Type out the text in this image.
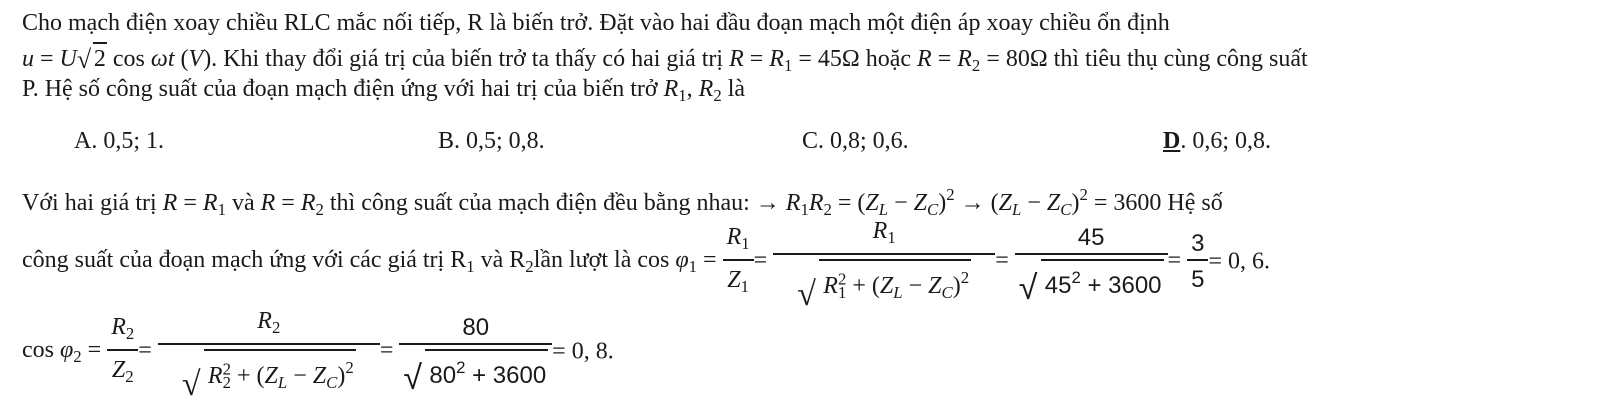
Cho mạch điện xoay chiều RLC mắc nối tiếp, R là biến trở. Đặt vào hai đầu đoạn mạch một điện áp xoay chiều ổn định
u = U √ 2 cos ωt (V). Khi thay đổi giá trị của biến trở ta thấy có hai giá trị $R = R_1 = 45\Omega$ hoặc $R = R_2 = 80\Omega$ thì tiêu thụ cùng công suất
P. Hệ số công suất của đoạn mạch điện ứng với hai trị của biến trở $R_1$, $R_2$ là
A. 0,5; 1.	B. 0,5; 0,8.	C. 0,8; 0,6.	D. 0,6; 0,8.
Với hai giá trị $R = R_1$ và $R = R_2$ thì công suất của mạch điện đều bằng nhau: → $R_1R_2 = (Z_L - Z_C)^2 \to (Z_L - Z_C)^2 = 3600$ Hệ số
công suất của đoạn mạch ứng với các giá trị $R_1$ và $R_2lần$ lượt là $\cos \varphi_1 = \frac{R_1}{Z_1} = \frac{R_1}{√ R^2_1 + (Z_L - Z_C)^2} = \frac{45}{√ 45^2 + 3600} = \frac{3}{5} = 0$, 6.
$\cos \varphi_2 = \frac{R_2}{Z_2} = \frac{R_2}{√ R^2_2 + (Z_L - Z_C)^2} = \frac{80}{√ 80^2 + 3600} = 0$, 8.
